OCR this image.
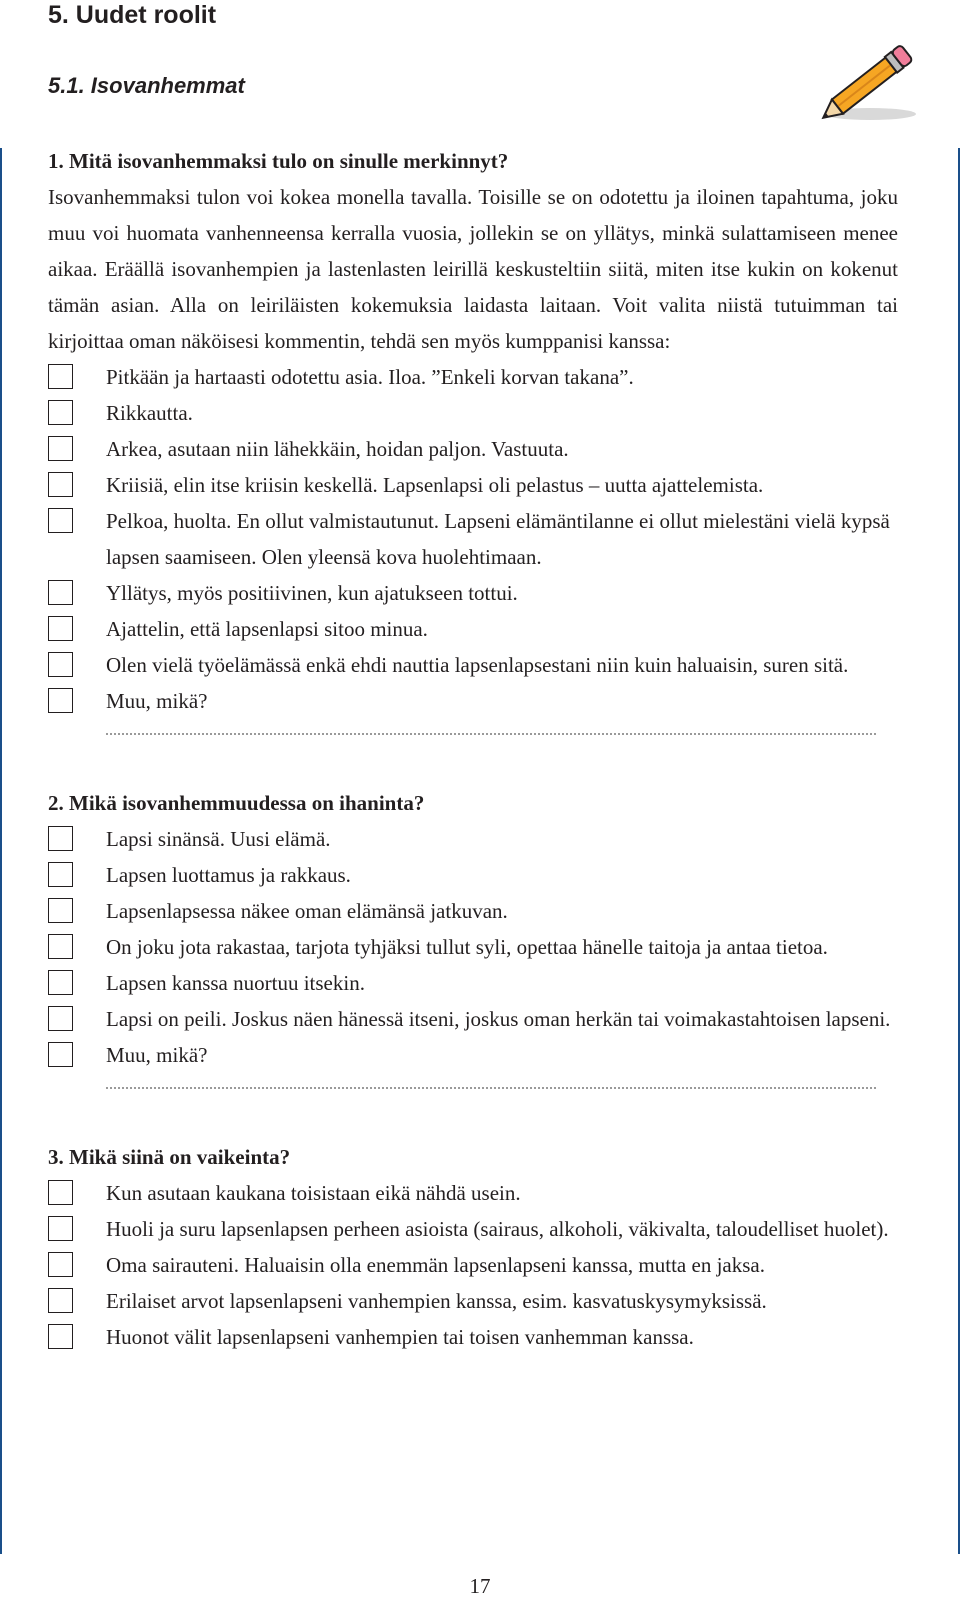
5. Uudet roolit
5.1. Isovanhemmat

1. Mitä isovanhemmaksi tulo on sinulle merkinnyt?

Isovanhemmaksi tulon voi kokea monella tavalla. Toisille se on odotettu ja iloinen tapahtuma, joku muu voi huomata vanhenneensa kerralla vuosia, jollekin se on yllätys, minkä sulattamiseen menee aikaa. Eräällä isovanhempien ja lastenlasten leirillä keskusteltiin siitä, miten itse kukin on kokenut tämän asian. Alla on leiriläisten kokemuksia laidasta laitaan. Voit valita niistä tutuimman tai kirjoittaa oman näköisesi kommentin, tehdä sen myös kumppanisi kanssa:

Pitkään ja hartaasti odotettu asia. Iloa. ”Enkeli korvan takana”.
Rikkautta.
Arkea, asutaan niin lähekkäin, hoidan paljon. Vastuuta.
Kriisiä, elin itse kriisin keskellä. Lapsenlapsi oli pelastus – uutta ajattelemista.
Pelkoa, huolta. En ollut valmistautunut. Lapseni elämäntilanne ei ollut mielestäni vielä kypsä lapsen saamiseen. Olen yleensä kova huolehtimaan.
Yllätys, myös positiivinen, kun ajatukseen tottui.
Ajattelin, että lapsenlapsi sitoo minua.
Olen vielä työelämässä enkä ehdi nauttia lapsenlapsestani niin kuin haluaisin, suren sitä.
Muu, mikä?

2. Mikä isovanhemmuudessa on ihaninta?

Lapsi sinänsä. Uusi elämä.
Lapsen luottamus ja rakkaus.
Lapsenlapsessa näkee oman elämänsä jatkuvan.
On joku jota rakastaa, tarjota tyhjäksi tullut syli, opettaa hänelle taitoja ja antaa tietoa.
Lapsen kanssa nuortuu itsekin.
Lapsi on peili. Joskus näen hänessä itseni, joskus oman herkän tai voimakastahtoisen lapseni.
Muu, mikä?

3. Mikä siinä on vaikeinta?

Kun asutaan kaukana toisistaan eikä nähdä usein.
Huoli ja suru lapsenlapsen perheen asioista (sairaus, alkoholi, väkivalta, taloudelliset huolet).
Oma sairauteni. Haluaisin olla enemmän lapsenlapseni kanssa, mutta en jaksa.
Erilaiset arvot lapsenlapseni vanhempien kanssa, esim. kasvatuskysymyksissä.
Huonot välit lapsenlapseni vanhempien tai toisen vanhemman kanssa.
17
